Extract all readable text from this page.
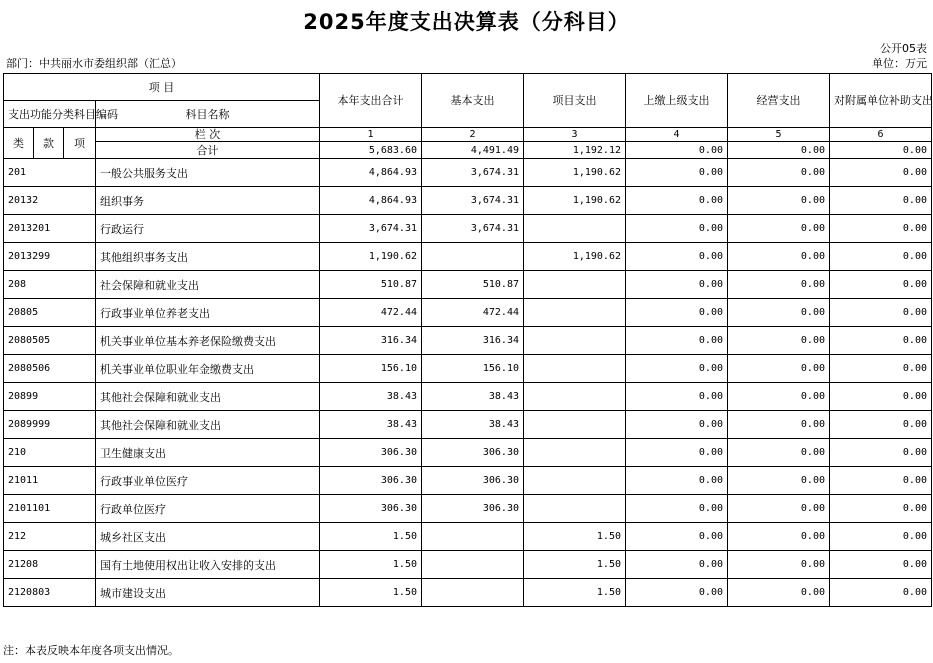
2025年度支出决算表（分科目）
公开05表
单位：万元
部门：中共丽水市委组织部（汇总）
项 目				本年支出合计	基本支出	项目支出	上缴上级支出	经营支出	对附属单位补助支出
支出功能分类科目编码			科目名称						

类	款	项	栏 次	1	2	3	4	5	6
			合计	5,683.60	4,491.49	1,192.12	0.00	0.00	0.00
201			一般公共服务支出	4,864.93	3,674.31	1,190.62	0.00	0.00	0.00
20132			组织事务	4,864.93	3,674.31	1,190.62	0.00	0.00	0.00
2013201			行政运行	3,674.31	3,674.31		0.00	0.00	0.00
2013299			其他组织事务支出	1,190.62		1,190.62	0.00	0.00	0.00
208			社会保障和就业支出	510.87	510.87		0.00	0.00	0.00
20805			行政事业单位养老支出	472.44	472.44		0.00	0.00	0.00
2080505			机关事业单位基本养老保险缴费支出	316.34	316.34		0.00	0.00	0.00
2080506			机关事业单位职业年金缴费支出	156.10	156.10		0.00	0.00	0.00
20899			其他社会保障和就业支出	38.43	38.43		0.00	0.00	0.00
2089999			其他社会保障和就业支出	38.43	38.43		0.00	0.00	0.00
210			卫生健康支出	306.30	306.30		0.00	0.00	0.00
21011			行政事业单位医疗	306.30	306.30		0.00	0.00	0.00
2101101			行政单位医疗	306.30	306.30		0.00	0.00	0.00
212			城乡社区支出	1.50		1.50	0.00	0.00	0.00
21208			国有土地使用权出让收入安排的支出	1.50		1.50	0.00	0.00	0.00
2120803			城市建设支出	1.50		1.50	0.00	0.00	0.00
注：本表反映本年度各项支出情况。
